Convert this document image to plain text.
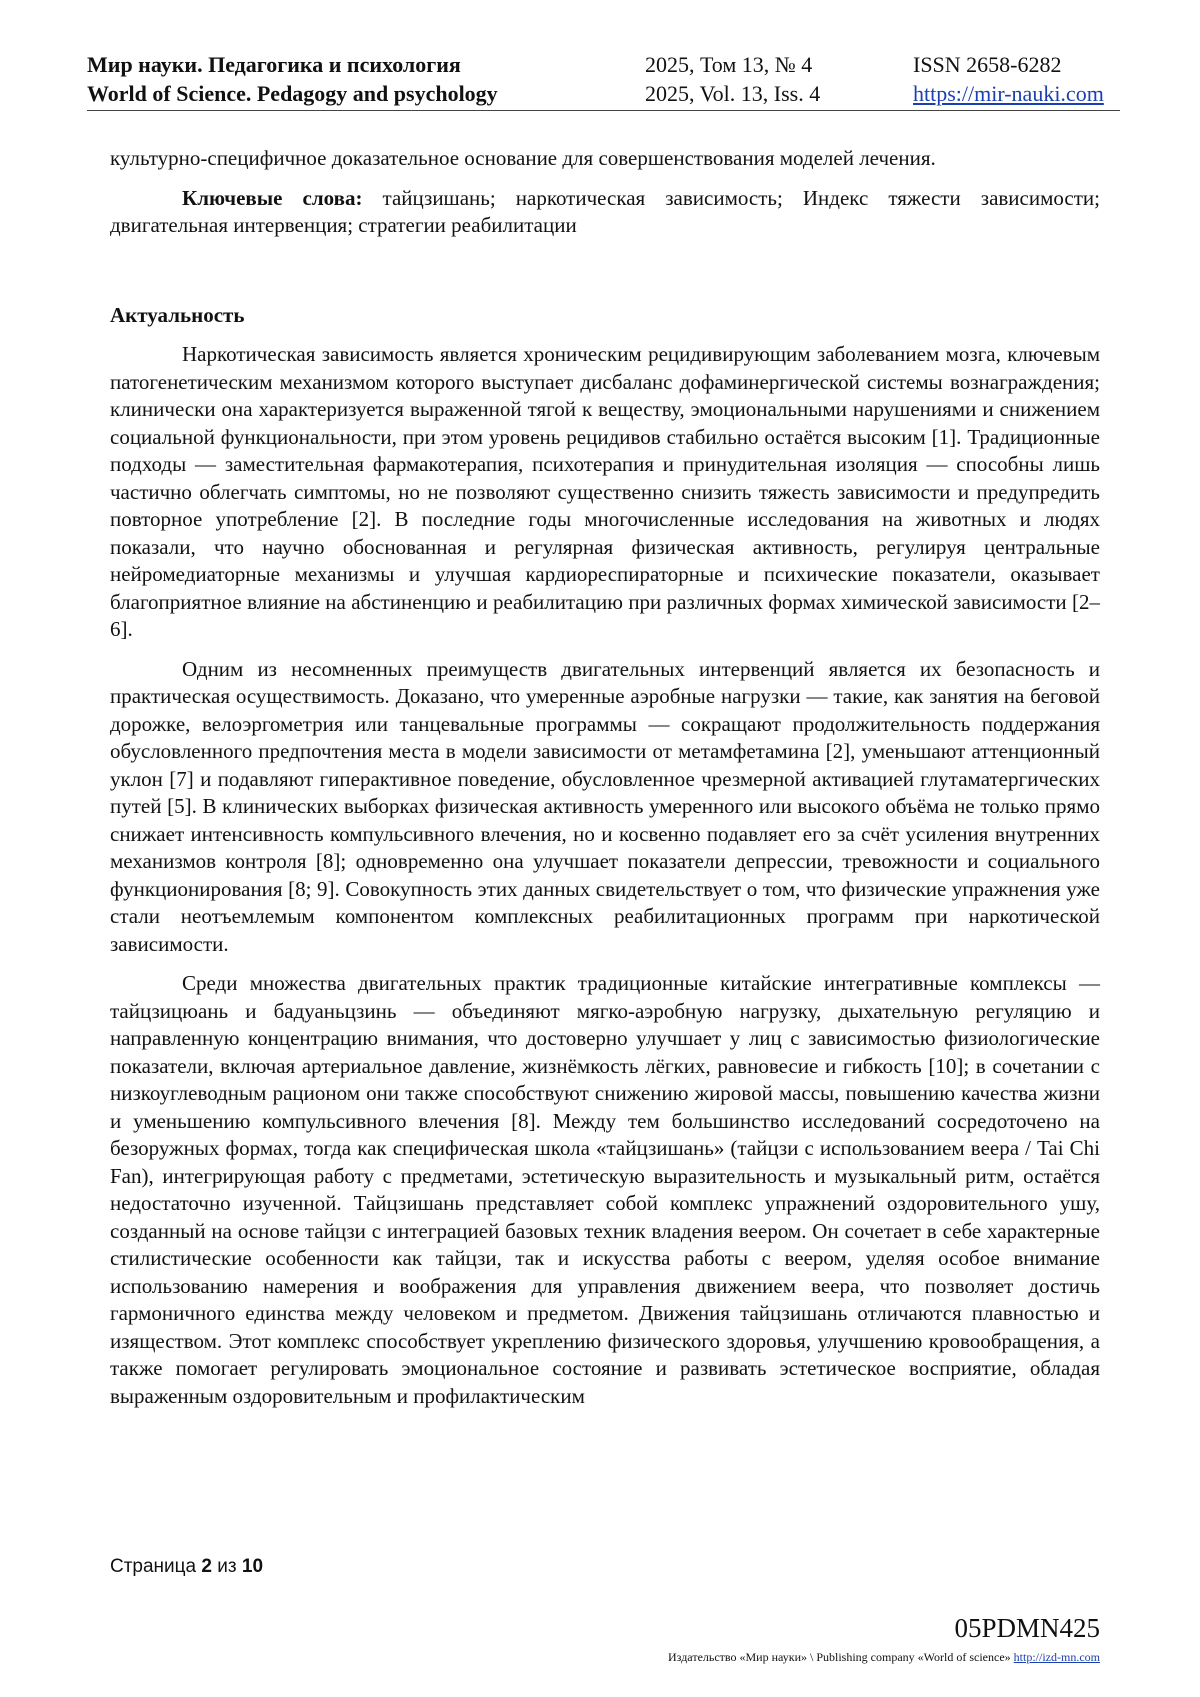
Мир науки. Педагогика и психология
World of Science. Pedagogy and psychology
2025, Том 13, № 4
2025, Vol. 13, Iss. 4
ISSN 2658-6282
https://mir-nauki.com

культурно-специфичное доказательное основание для совершенствования моделей лечения.

Ключевые слова: тайцзишань; наркотическая зависимость; Индекс тяжести зависимости; двигательная интервенция; стратегии реабилитации

Актуальность

Наркотическая зависимость является хроническим рецидивирующим заболеванием мозга, ключевым патогенетическим механизмом которого выступает дисбаланс дофаминергической системы вознаграждения; клинически она характеризуется выраженной тягой к веществу, эмоциональными нарушениями и снижением социальной функциональности, при этом уровень рецидивов стабильно остаётся высоким [1]. Традиционные подходы — заместительная фармакотерапия, психотерапия и принудительная изоляция — способны лишь частично облегчать симптомы, но не позволяют существенно снизить тяжесть зависимости и предупредить повторное употребление [2]. В последние годы многочисленные исследования на животных и людях показали, что научно обоснованная и регулярная физическая активность, регулируя центральные нейромедиаторные механизмы и улучшая кардиореспираторные и психические показатели, оказывает благоприятное влияние на абстиненцию и реабилитацию при различных формах химической зависимости [2–6].

Одним из несомненных преимуществ двигательных интервенций является их безопасность и практическая осуществимость. Доказано, что умеренные аэробные нагрузки — такие, как занятия на беговой дорожке, велоэргометрия или танцевальные программы — сокращают продолжительность поддержания обусловленного предпочтения места в модели зависимости от метамфетамина [2], уменьшают аттенционный уклон [7] и подавляют гиперактивное поведение, обусловленное чрезмерной активацией глутаматергических путей [5]. В клинических выборках физическая активность умеренного или высокого объёма не только прямо снижает интенсивность компульсивного влечения, но и косвенно подавляет его за счёт усиления внутренних механизмов контроля [8]; одновременно она улучшает показатели депрессии, тревожности и социального функционирования [8; 9]. Совокупность этих данных свидетельствует о том, что физические упражнения уже стали неотъемлемым компонентом комплексных реабилитационных программ при наркотической зависимости.

Среди множества двигательных практик традиционные китайские интегративные комплексы — тайцзицюань и бадуаньцзинь — объединяют мягко-аэробную нагрузку, дыхательную регуляцию и направленную концентрацию внимания, что достоверно улучшает у лиц с зависимостью физиологические показатели, включая артериальное давление, жизнёмкость лёгких, равновесие и гибкость [10]; в сочетании с низкоуглеводным рационом они также способствуют снижению жировой массы, повышению качества жизни и уменьшению компульсивного влечения [8]. Между тем большинство исследований сосредоточено на безоружных формах, тогда как специфическая школа «тайцзишань» (тайцзи с использованием веера / Tai Chi Fan), интегрирующая работу с предметами, эстетическую выразительность и музыкальный ритм, остаётся недостаточно изученной. Тайцзишань представляет собой комплекс упражнений оздоровительного ушу, созданный на основе тайцзи с интеграцией базовых техник владения веером. Он сочетает в себе характерные стилистические особенности как тайцзи, так и искусства работы с веером, уделяя особое внимание использованию намерения и воображения для управления движением веера, что позволяет достичь гармоничного единства между человеком и предметом. Движения тайцзишань отличаются плавностью и изяществом. Этот комплекс способствует укреплению физического здоровья, улучшению кровообращения, а также помогает регулировать эмоциональное состояние и развивать эстетическое восприятие, обладая выраженным оздоровительным и профилактическим

Страница 2 из 10
05PDMN425
Издательство «Мир науки» \ Publishing company «World of science» http://izd-mn.com
